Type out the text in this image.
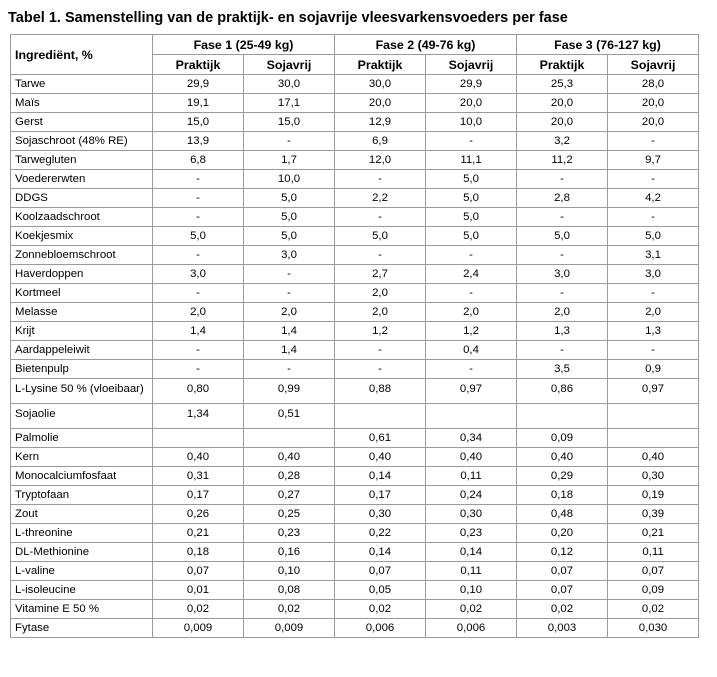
Tabel 1. Samenstelling van de praktijk- en sojavrije vleesvarkensvoeders per fase
Ingrediënt, %	Fase 1 (25-49 kg)		Fase 2 (49-76 kg)		Fase 3 (76-127 kg)	
	Praktijk	Sojavrij	Praktijk	Sojavrij	Praktijk	Sojavrij
Tarwe	29,9	30,0	30,0	29,9	25,3	28,0
Maïs	19,1	17,1	20,0	20,0	20,0	20,0
Gerst	15,0	15,0	12,9	10,0	20,0	20,0
Sojaschroot (48% RE)	13,9	-	6,9	-	3,2	-
Tarwegluten	6,8	1,7	12,0	11,1	11,2	9,7
Voedererwten	-	10,0	-	5,0	-	-
DDGS	-	5,0	2,2	5,0	2,8	4,2
Koolzaadschroot	-	5,0	-	5,0	-	-
Koekjesmix	5,0	5,0	5,0	5,0	5,0	5,0
Zonnebloemschroot	-	3,0	-	-	-	3,1
Haverdoppen	3,0	-	2,7	2,4	3,0	3,0
Kortmeel	-	-	2,0	-	-	-
Melasse	2,0	2,0	2,0	2,0	2,0	2,0
Krijt	1,4	1,4	1,2	1,2	1,3	1,3
Aardappeleiwit	-	1,4	-	0,4	-	-
Bietenpulp	-	-	-	-	3,5	0,9
L-Lysine 50 % (vloeibaar)	0,80	0,99	0,88	0,97	0,86	0,97
Sojaolie	1,34	0,51				
Palmolie			0,61	0,34	0,09	
Kern	0,40	0,40	0,40	0,40	0,40	0,40
Monocalciumfosfaat	0,31	0,28	0,14	0,11	0,29	0,30
Tryptofaan	0,17	0,27	0,17	0,24	0,18	0,19
Zout	0,26	0,25	0,30	0,30	0,48	0,39
L-threonine	0,21	0,23	0,22	0,23	0,20	0,21
DL-Methionine	0,18	0,16	0,14	0,14	0,12	0,11
L-valine	0,07	0,10	0,07	0,11	0,07	0,07
L-isoleucine	0,01	0,08	0,05	0,10	0,07	0,09
Vitamine E 50 %	0,02	0,02	0,02	0,02	0,02	0,02
Fytase	0,009	0,009	0,006	0,006	0,003	0,030
